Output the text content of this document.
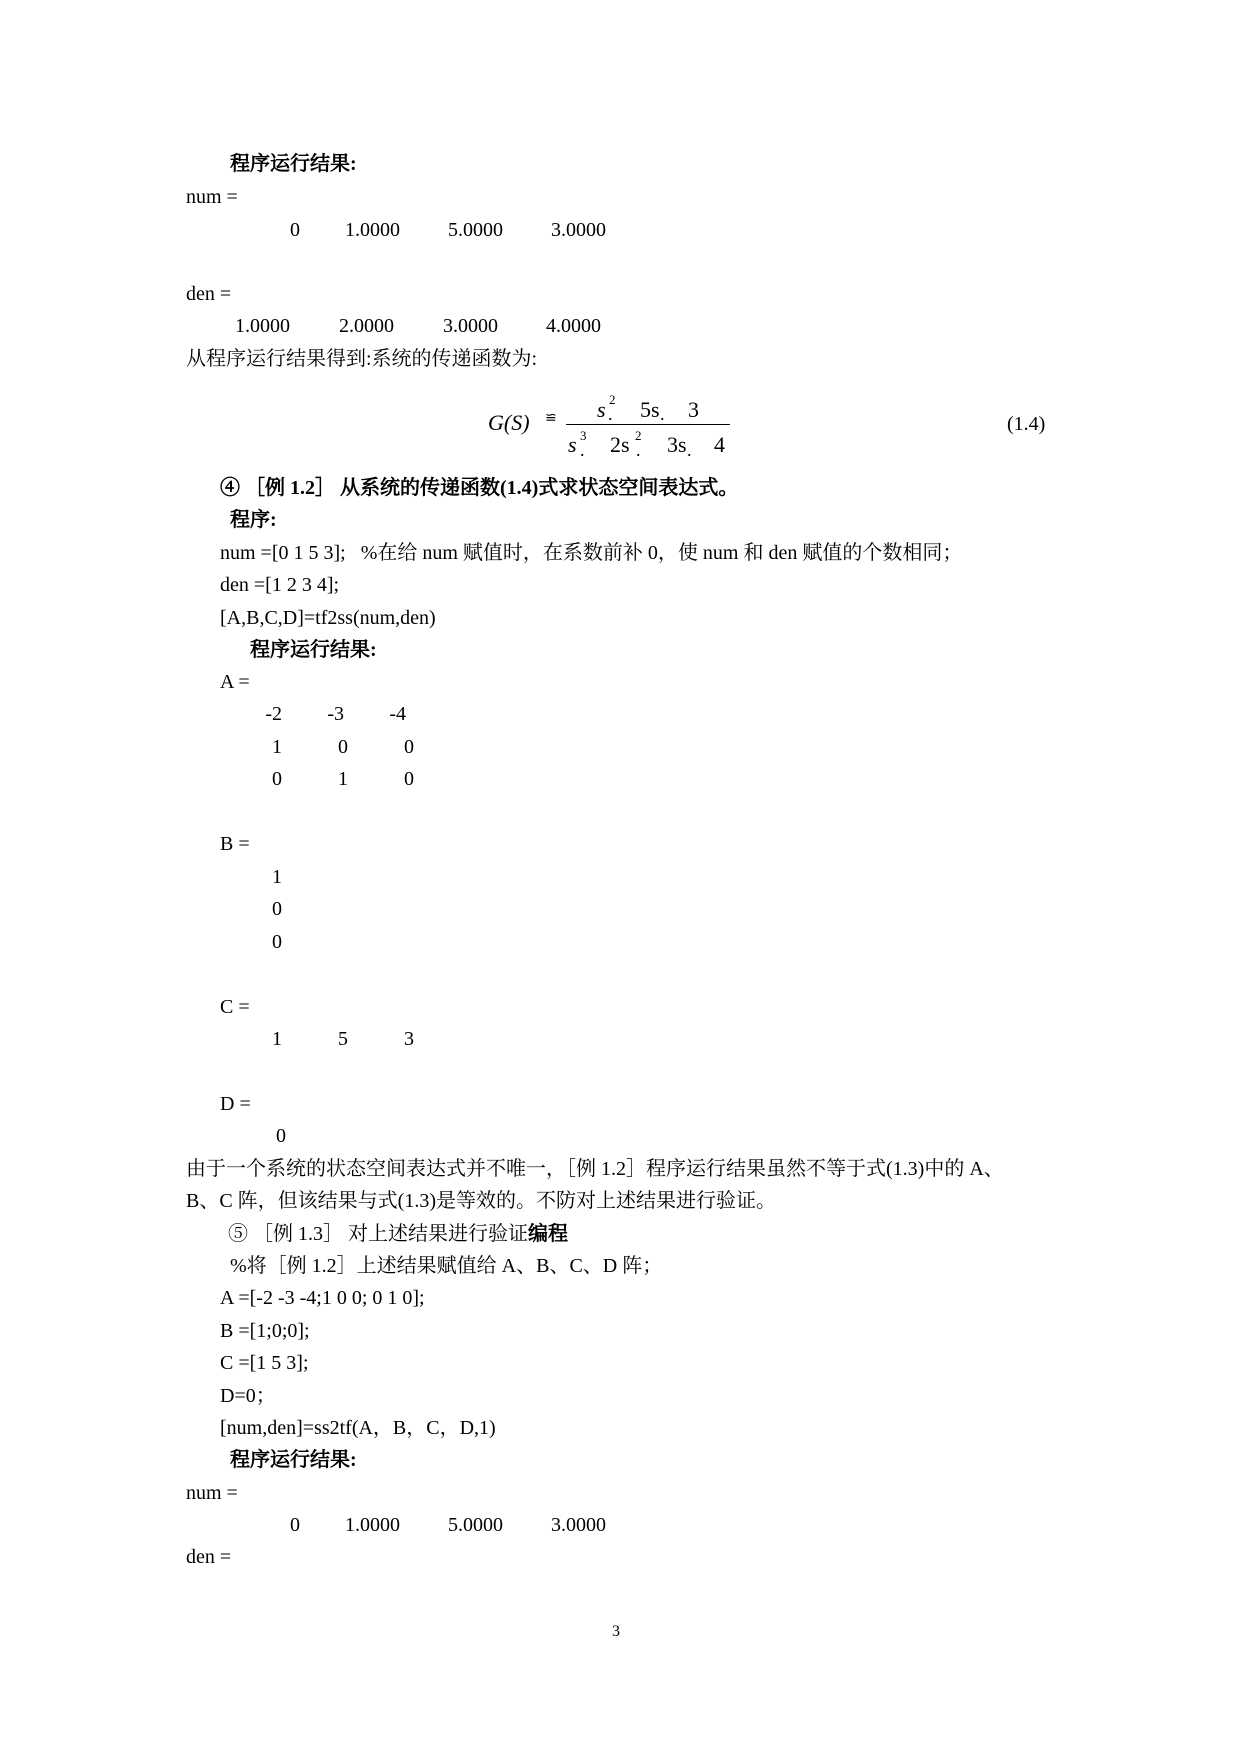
程序运行结果:
num =
0	1.0000	5.0000	3.0000
den =
1.0000	2.0000	3.0000	4.0000
从程序运行结果得到:系统的传递函数为:
G(S) ≌ s 2
. 5s . 3
s 3
. 2s 2
. 3s . 4
(1.4)
④ ［例 1.2］ 从系统的传递函数(1.4)式求状态空间表达式。
程序:
num =[0 1 5 3];   %在给 num 赋值时，在系数前补 0，使 num 和 den 赋值的个数相同；
den =[1 2 3 4];
[A,B,C,D]=tf2ss(num,den)
程序运行结果:
A =
-2	-3	-4
1	0	0
0	1	0
B =
1
0
0
C =
1	5	3
D =
0
由于一个系统的状态空间表达式并不唯一，［例 1.2］程序运行结果虽然不等于式(1.3)中的 A、
B、C 阵，但该结果与式(1.3)是等效的。不防对上述结果进行验证。
⑤ ［例 1.3］ 对上述结果进行验证编程
%将［例 1.2］上述结果赋值给 A、B、C、D 阵；
A =[-2 -3 -4;1 0 0; 0 1 0];
B =[1;0;0];
C =[1 5 3];
D=0；
[num,den]=ss2tf(A，B，C，D,1)
程序运行结果:
num =
0	1.0000	5.0000	3.0000
den =
3
